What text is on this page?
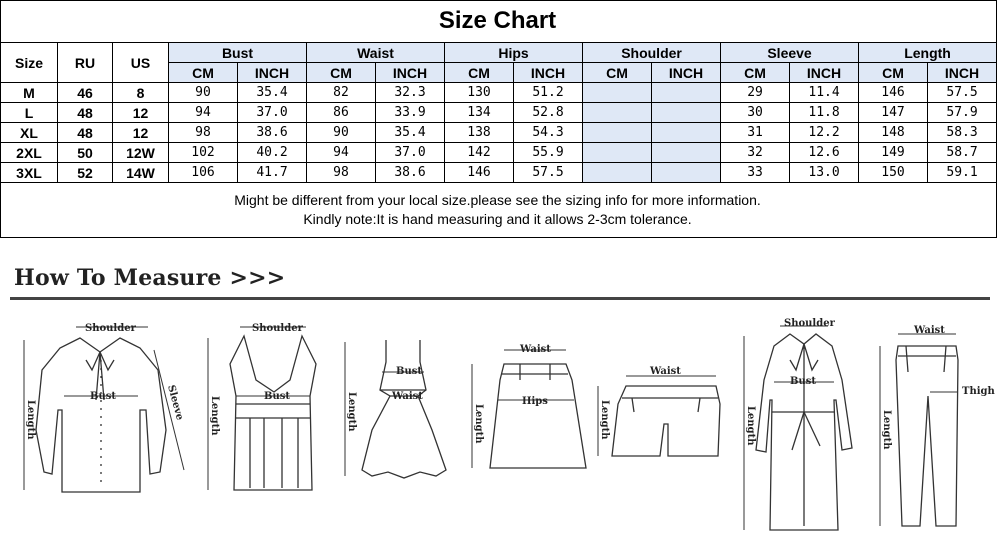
Size Chart
Size	RU	US	Bust		Waist		Hips		Shoulder		Sleeve		Length	
			CM	INCH	CM	INCH	CM	INCH	CM	INCH	CM	INCH	CM	INCH
M	46	8	90	35.4	82	32.3	130	51.2			29	11.4	146	57.5
L	48	12	94	37.0	86	33.9	134	52.8			30	11.8	147	57.9
XL	48	12	98	38.6	90	35.4	138	54.3			31	12.2	148	58.3
2XL	50	12W	102	40.2	94	37.0	142	55.9			32	12.6	149	58.7
3XL	52	14W	106	41.7	98	38.6	146	57.5			33	13.0	150	59.1
Might be different from your local size.please see the sizing info for more information.
Kindly note:It is hand measuring and it allows 2-3cm tolerance.
How To Measure >>>
Shoulder
Bust
Length	Sleeve
Shoulder
Bust
Length
Bust
Waist
Length
Waist
Hips
Length
Waist
Length
Shoulder
Bust
Length
Waist
Thigh
Length
